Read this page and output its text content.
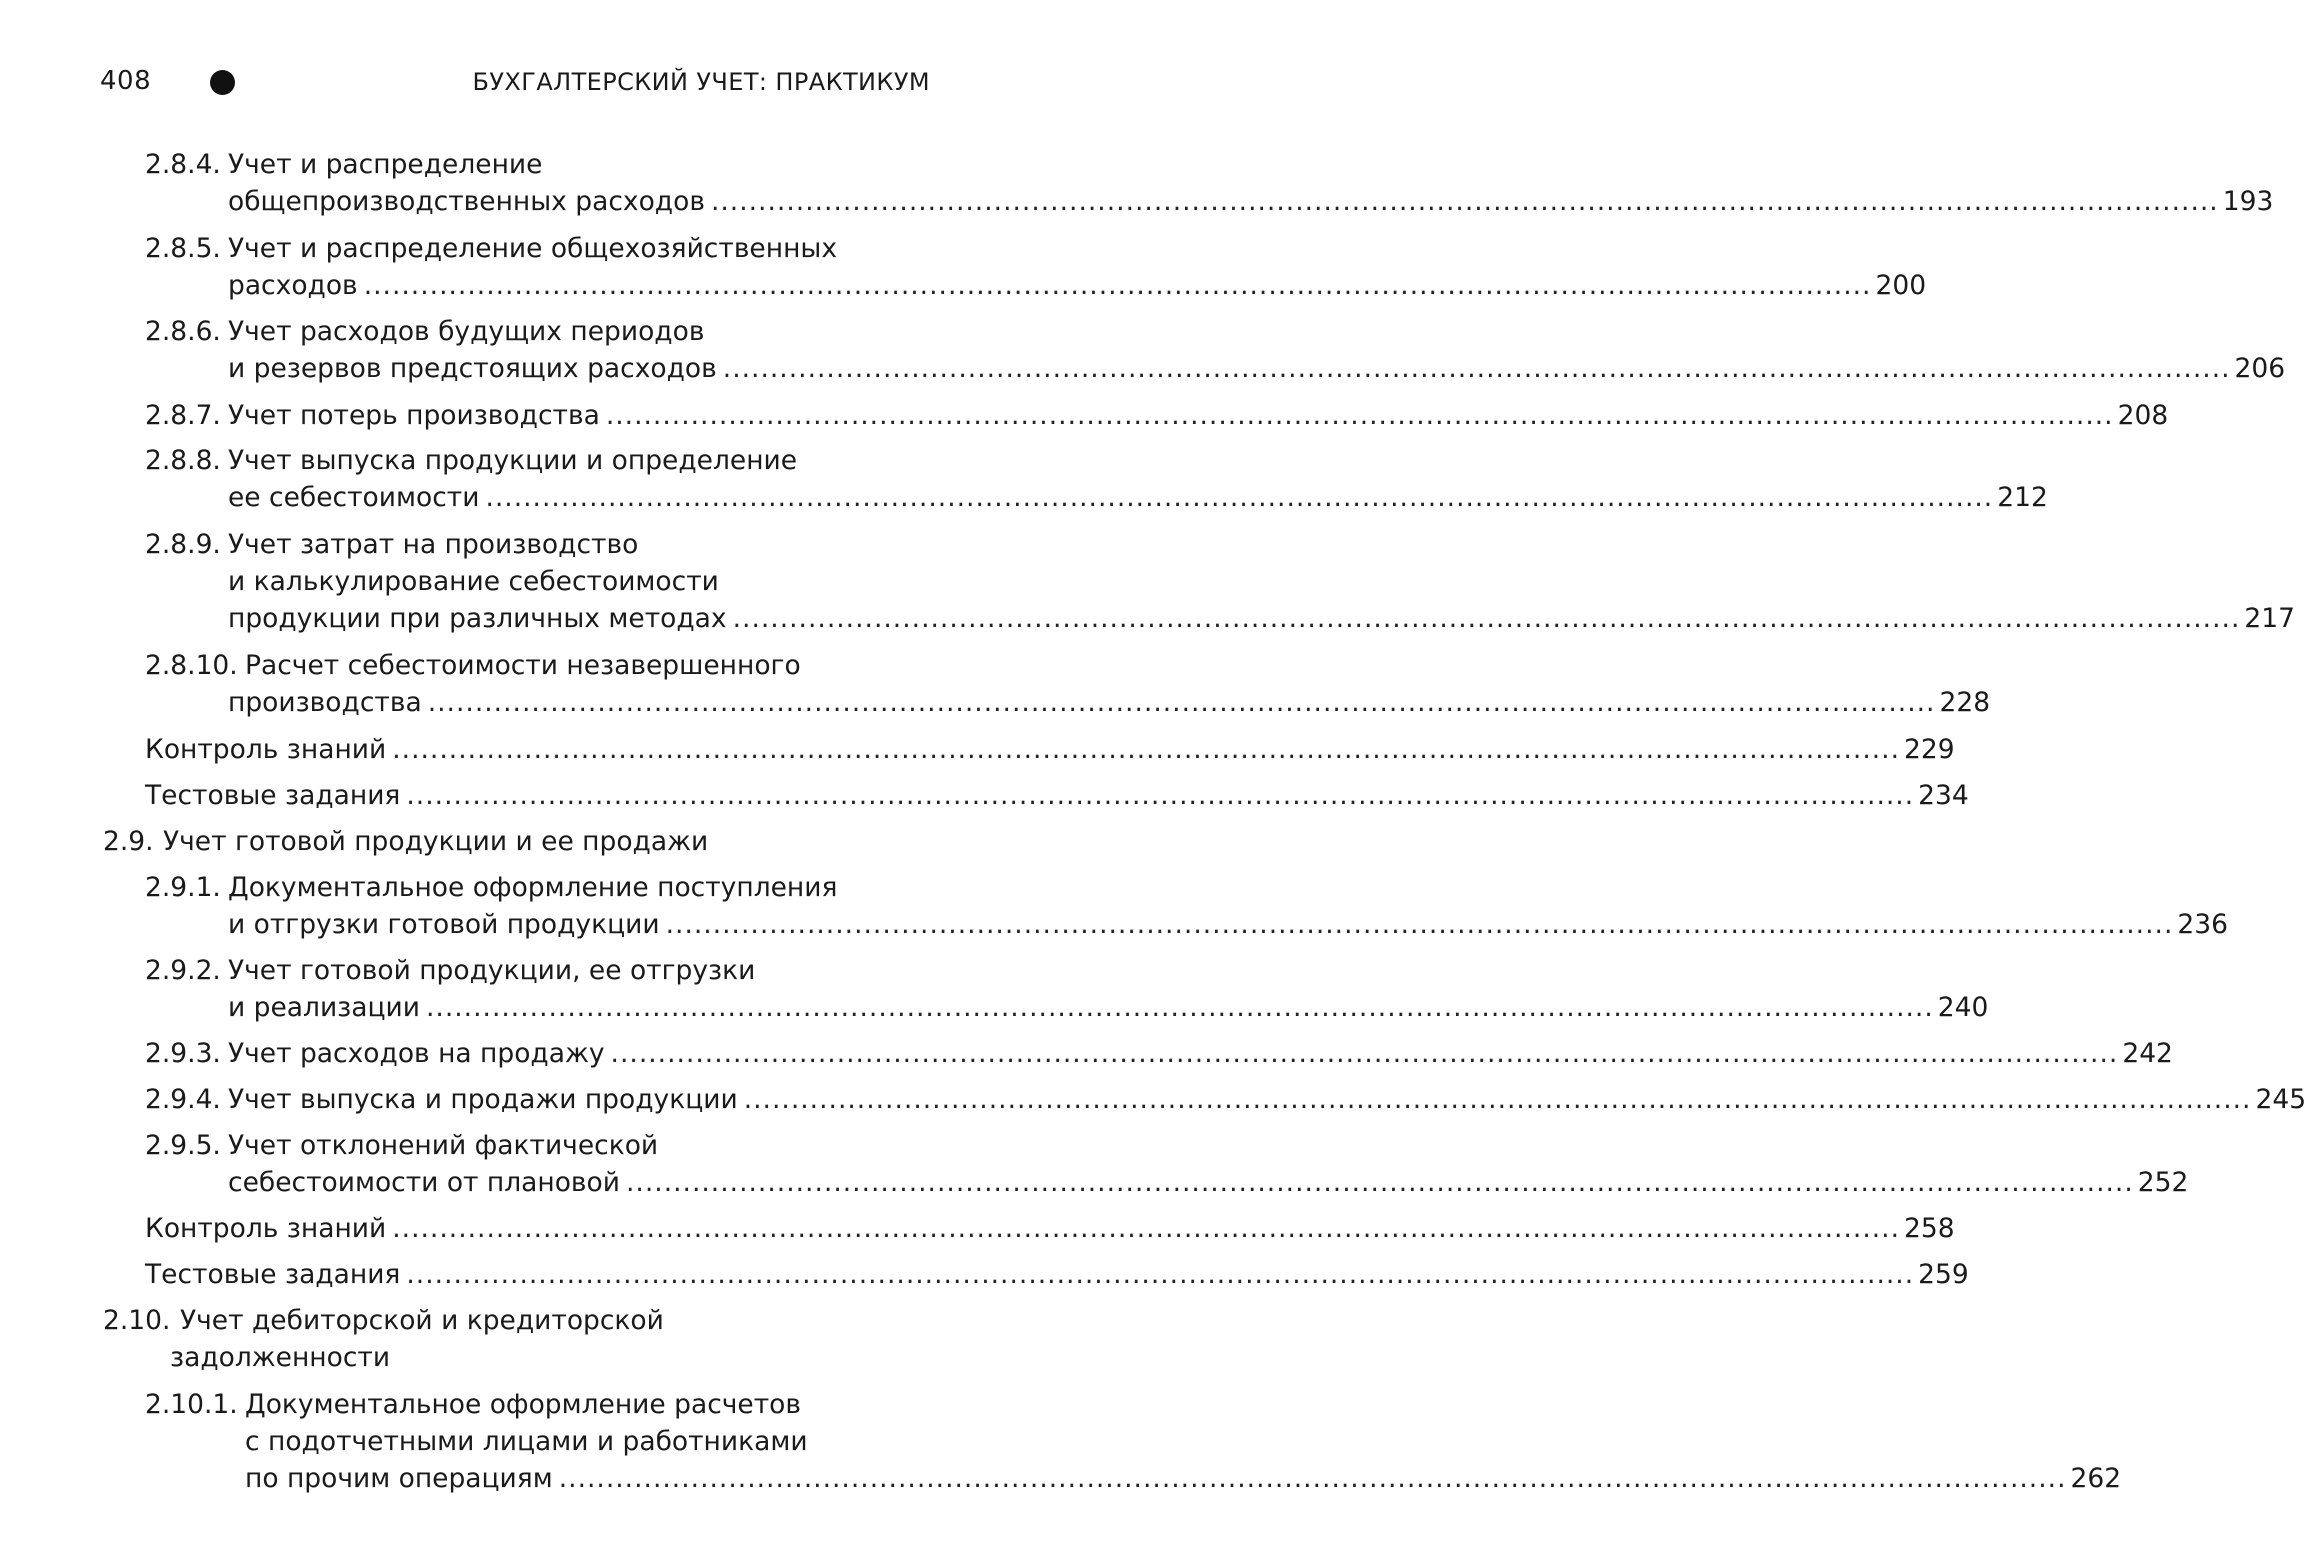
408	БУХГАЛТЕРСКИЙ УЧЕТ: ПРАКТИКУМ
2.8.4. Учет и распределение
общепроизводственных расходов ................................................................................................................................................................ 193
2.8.5. Учет и распределение общехозяйственных
расходов ................................................................................................................................................................ 200
2.8.6. Учет расходов будущих периодов
и резервов предстоящих расходов ................................................................................................................................................................ 206
2.8.7. Учет потерь производства ................................................................................................................................................................ 208
2.8.8. Учет выпуска продукции и определение
ее себестоимости ................................................................................................................................................................ 212
2.8.9. Учет затрат на производство
и калькулирование себестоимости
продукции при различных методах ................................................................................................................................................................ 217
2.8.10. Расчет себестоимости незавершенного
производства ................................................................................................................................................................ 228
Контроль знаний ................................................................................................................................................................ 229
Тестовые задания ................................................................................................................................................................ 234
2.9. Учет готовой продукции и ее продажи
2.9.1. Документальное оформление поступления
и отгрузки готовой продукции ................................................................................................................................................................ 236
2.9.2. Учет готовой продукции, ее отгрузки
и реализации ................................................................................................................................................................ 240
2.9.3. Учет расходов на продажу ................................................................................................................................................................ 242
2.9.4. Учет выпуска и продажи продукции ................................................................................................................................................................ 245
2.9.5. Учет отклонений фактической
себестоимости от плановой ................................................................................................................................................................ 252
Контроль знаний ................................................................................................................................................................ 258
Тестовые задания ................................................................................................................................................................ 259
2.10. Учет дебиторской и кредиторской
задолженности
2.10.1. Документальное оформление расчетов
с подотчетными лицами и работниками
по прочим операциям ................................................................................................................................................................ 262
